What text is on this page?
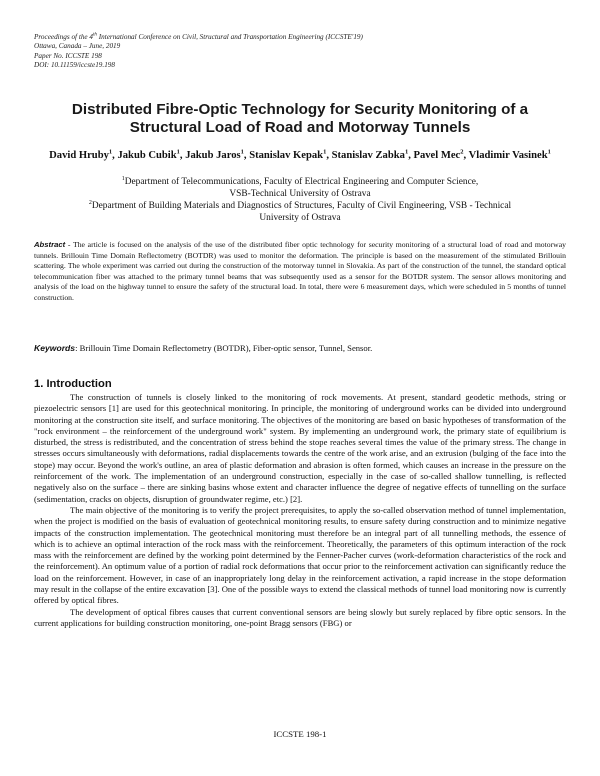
Proceedings of the 4th International Conference on Civil, Structural and Transportation Engineering (ICCSTE'19)
Ottawa, Canada – June, 2019
Paper No. ICCSTE 198
DOI: 10.11159/iccste19.198
Distributed Fibre-Optic Technology for Security Monitoring of a Structural Load of Road and Motorway Tunnels
David Hruby$^1$, Jakub Cubik$^1$, Jakub Jaros$^1$, Stanislav Kepak$^1$, Stanislav Zabka$^1$, Pavel Mec$^2$, Vladimir Vasinek$^1$
$^1$Department of Telecommunications, Faculty of Electrical Engineering and Computer Science,
VSB-Technical University of Ostrava
$^2$Department of Building Materials and Diagnostics of Structures, Faculty of Civil Engineering, VSB - Technical
University of Ostrava
Abstract - The article is focused on the analysis of the use of the distributed fiber optic technology for security monitoring of a structural load of road and motorway tunnels. Brillouin Time Domain Reflectometry (BOTDR) was used to monitor the deformation. The principle is based on the measurement of the stimulated Brillouin scattering. The whole experiment was carried out during the construction of the motorway tunnel in Slovakia. As part of the construction of the tunnel, the standard optical telecommunication fiber was attached to the primary tunnel beams that was subsequently used as a sensor for the BOTDR system. The sensor allows monitoring and analysis of the load on the highway tunnel to ensure the safety of the structural load. In total, there were 6 measurement days, which were scheduled in 5 months of tunnel construction.
Keywords: Brillouin Time Domain Reflectometry (BOTDR), Fiber-optic sensor, Tunnel, Sensor.
1. Introduction

The construction of tunnels is closely linked to the monitoring of rock movements. At present, standard geodetic methods, string or piezoelectric sensors [1] are used for this geotechnical monitoring. In principle, the monitoring of underground works can be divided into underground monitoring at the construction site itself, and surface monitoring. The objectives of the monitoring are based on basic hypotheses of transformation of the "rock environment – the reinforcement of the underground work" system. By implementing an underground work, the primary state of equilibrium is disturbed, the stress is redistributed, and the concentration of stress behind the stope reaches several times the value of the primary stress. The change in stresses occurs simultaneously with deformations, radial displacements towards the centre of the work arise, and an extrusion (bulging of the face into the stope) may occur. Beyond the work's outline, an area of plastic deformation and abrasion is often formed, which causes an increase in the pressure on the reinforcement of the work. The implementation of an underground construction, especially in the case of so-called shallow tunnelling, is reflected negatively also on the surface – there are sinking basins whose extent and character influence the degree of negative effects of tunnelling on the surface (sedimentation, cracks on objects, disruption of groundwater regime, etc.) [2].

The main objective of the monitoring is to verify the project prerequisites, to apply the so-called observation method of tunnel implementation, when the project is modified on the basis of evaluation of geotechnical monitoring results, to ensure safety during construction and to minimize negative impacts of the construction implementation. The geotechnical monitoring must therefore be an integral part of all tunnelling methods, the essence of which is to achieve an optimal interaction of the rock mass with the reinforcement. Theoretically, the parameters of this optimum interaction of the rock mass with the reinforcement are defined by the working point determined by the Fenner-Pacher curves (work-deformation characteristics of the rock and the reinforcement). An optimum value of a portion of radial rock deformations that occur prior to the reinforcement activation can significantly reduce the load on the reinforcement. However, in case of an inappropriately long delay in the reinforcement activation, a rapid increase in the stope deformation may result in the collapse of the entire excavation [3]. One of the possible ways to extend the classical methods of tunnel load monitoring now is currently offered by optical fibres.

The development of optical fibres causes that current conventional sensors are being slowly but surely replaced by fibre optic sensors. In the current applications for building construction monitoring, one-point Bragg sensors (FBG) or

ICCSTE 198-1
